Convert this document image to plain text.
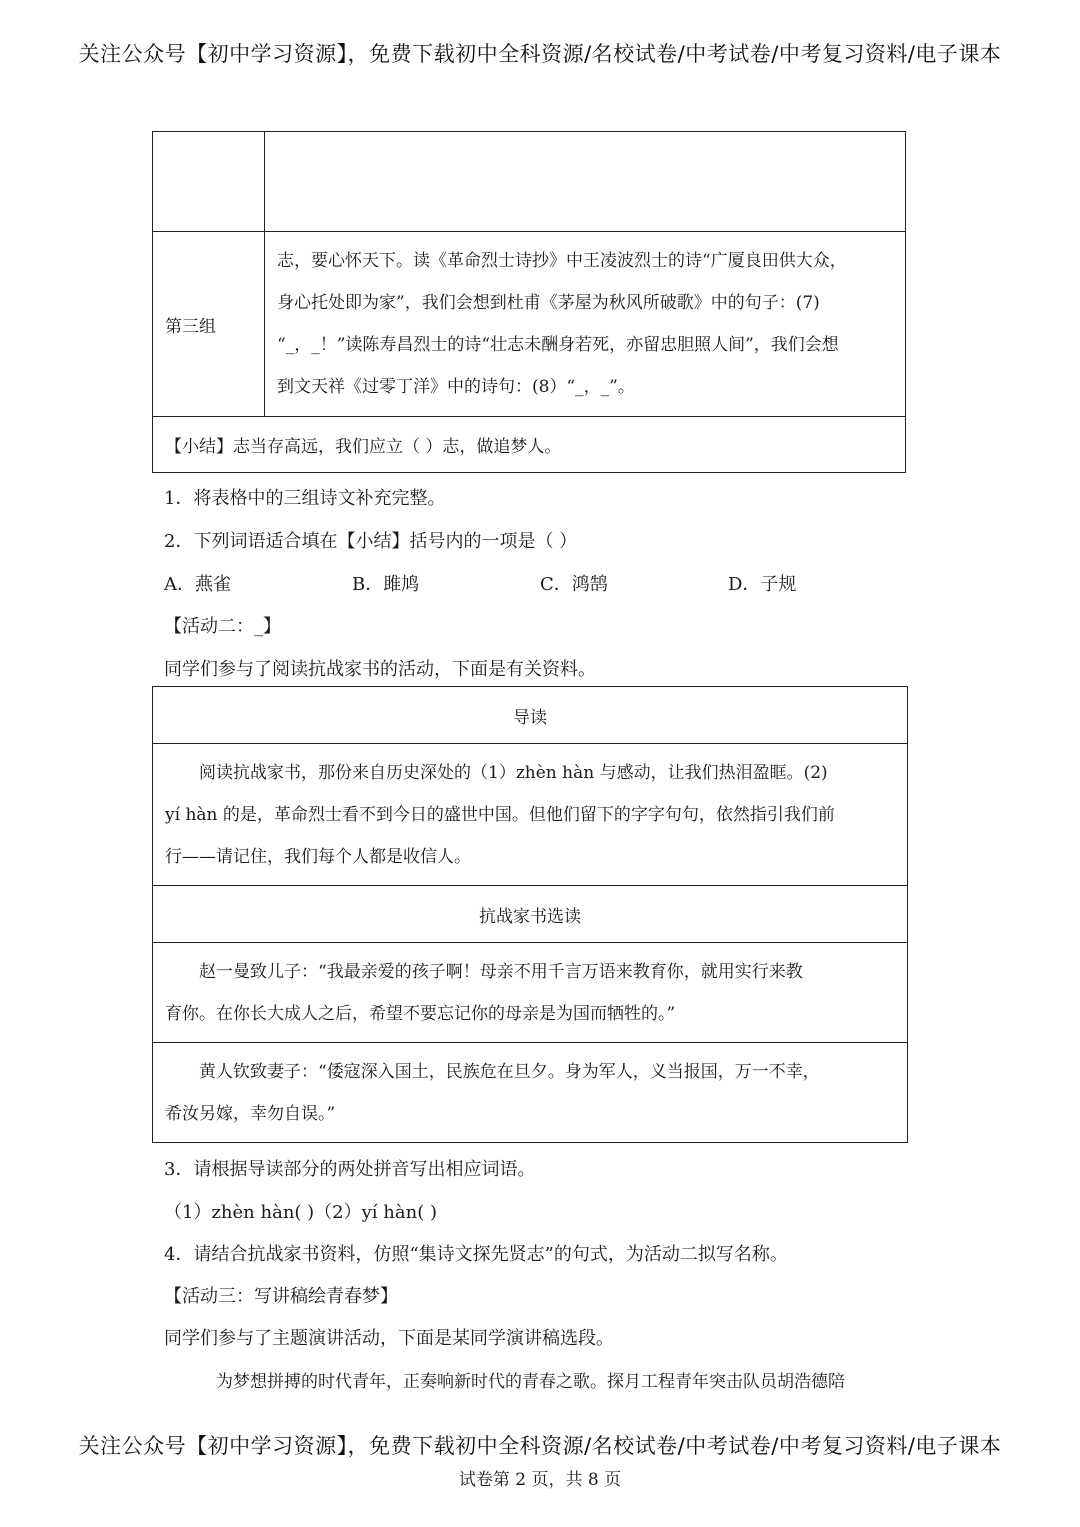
关注公众号【初中学习资源】，免费下载初中全科资源/名校试卷/中考试卷/中考复习资料/电子课本

第三组	志，要心怀天下。读《革命烈士诗抄》中王凌波烈士的诗“广厦良田供大众，
身心托处即为家”，我们会想到杜甫《茅屋为秋风所破歌》中的句子：(7)
“_，_！”读陈寿昌烈士的诗“壮志未酬身若死，亦留忠胆照人间”，我们会想
到文天祥《过零丁洋》中的诗句：(8）“_，_”。

【小结】志当存高远，我们应立（ ）志，做追梦人。	
1．将表格中的三组诗文补充完整。
2．下列词语适合填在【小结】括号内的一项是（ ）
A．燕雀	B．雎鸠	C．鸿鹄	D．子规
【活动二：_】
同学们参与了阅读抗战家书的活动，下面是有关资料。
导读

阅读抗战家书，那份来自历史深处的（1）zhèn hàn 与感动，让我们热泪盈眶。(2)
yí hàn 的是，革命烈士看不到今日的盛世中国。但他们留下的字字句句，依然指引我们前
行——请记住，我们每个人都是收信人。

抗战家书选读

赵一曼致儿子：“我最亲爱的孩子啊！母亲不用千言万语来教育你，就用实行来教
育你。在你长大成人之后，希望不要忘记你的母亲是为国而牺牲的。”

黄人钦致妻子：“倭寇深入国土，民族危在旦夕。身为军人，义当报国，万一不幸，
希汝另嫁，幸勿自误。”
3．请根据导读部分的两处拼音写出相应词语。
（1）zhèn hàn( )（2）yí hàn( )
4．请结合抗战家书资料，仿照“集诗文探先贤志”的句式，为活动二拟写名称。
【活动三：写讲稿绘青春梦】
同学们参与了主题演讲活动，下面是某同学演讲稿选段。
为梦想拼搏的时代青年，正奏响新时代的青春之歌。探月工程青年突击队员胡浩德陪
关注公众号【初中学习资源】，免费下载初中全科资源/名校试卷/中考试卷/中考复习资料/电子课本
试卷第 2 页，共 8 页
